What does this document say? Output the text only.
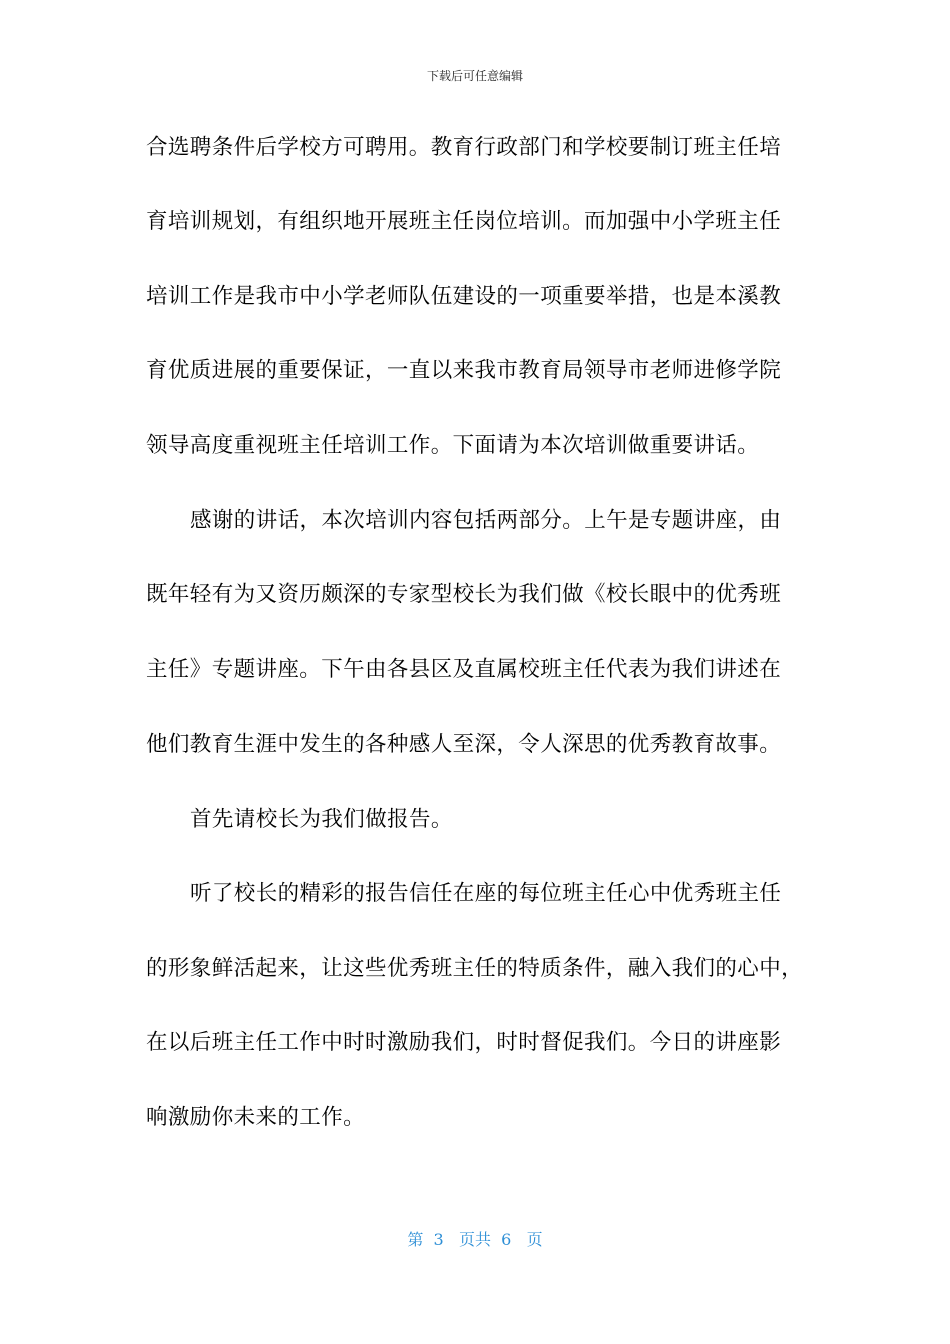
下载后可任意编辑
合选聘条件后学校方可聘用。教育行政部门和学校要制订班主任培
育培训规划，有组织地开展班主任岗位培训。而加强中小学班主任
培训工作是我市中小学老师队伍建设的一项重要举措，也是本溪教
育优质进展的重要保证，一直以来我市教育局领导市老师进修学院
领导高度重视班主任培训工作。下面请为本次培训做重要讲话。
感谢的讲话，本次培训内容包括两部分。上午是专题讲座，由
既年轻有为又资历颇深的专家型校长为我们做《校长眼中的优秀班
主任》专题讲座。下午由各县区及直属校班主任代表为我们讲述在
他们教育生涯中发生的各种感人至深，令人深思的优秀教育故事。
首先请校长为我们做报告。
听了校长的精彩的报告信任在座的每位班主任心中优秀班主任
的形象鲜活起来，让这些优秀班主任的特质条件，融入我们的心中，
在以后班主任工作中时时激励我们，时时督促我们。今日的讲座影
响激励你未来的工作。
第  3   页共  6   页
